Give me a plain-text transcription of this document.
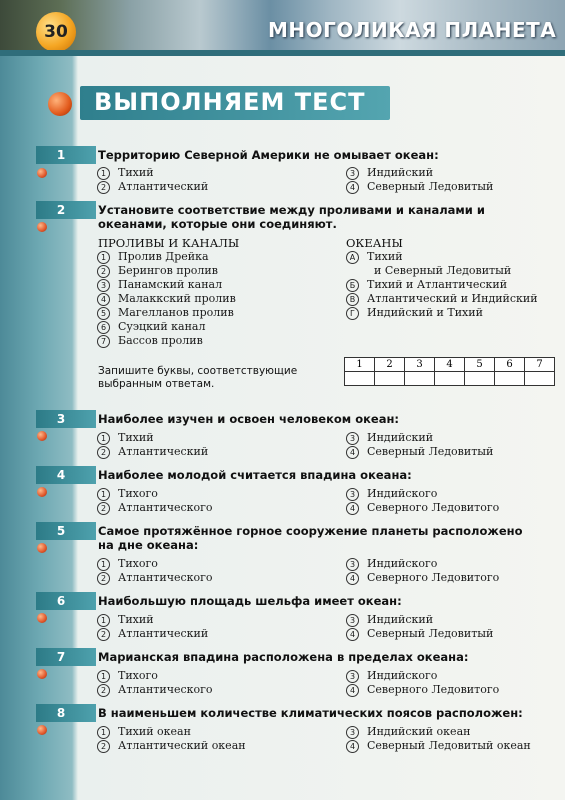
30	МНОГОЛИКАЯ ПЛАНЕТА
ВЫПОЛНЯЕМ ТЕСТ
1	Территорию Северной Америки не омывает океан:
1 Тихий
2 Атлантический
3 Индийский
4 Северный Ледовитый
2	Установите соответствие между проливами и каналами и океанами, которые они соединяют.
ПРОЛИВЫ И КАНАЛЫ	ОКЕАНЫ
1 Пролив Дрейка
2 Берингов пролив
3 Панамский канал
4 Малаккский пролив
5 Магелланов пролив
6 Суэцкий канал
7 Басcов пролив
А Тихий
и Северный Ледовитый
Б Тихий и Атлантический
В Атлантический и Индийский
Г Индийский и Тихий
Запишите буквы, соответствующие выбранным ответам.
1	2	3	4	5	6	7

3	Наиболее изучен и освоен человеком океан:
1 Тихий
2 Атлантический
3 Индийский
4 Северный Ледовитый
4	Наиболее молодой считается впадина океана:
1 Тихого
2 Атлантического
3 Индийского
4 Северного Ледовитого
5	Самое протяжённое горное сооружение планеты расположено на дне океана:
1 Тихого
2 Атлантического
3 Индийского
4 Северного Ледовитого
6	Наибольшую площадь шельфа имеет океан:
1 Тихий
2 Атлантический
3 Индийский
4 Северный Ледовитый
7	Марианская впадина расположена в пределах океана:
1 Тихого
2 Атлантического
3 Индийского
4 Северного Ледовитого
8	В наименьшем количестве климатических поясов расположен:
1 Тихий океан
2 Атлантический океан
3 Индийский океан
4 Северный Ледовитый океан
